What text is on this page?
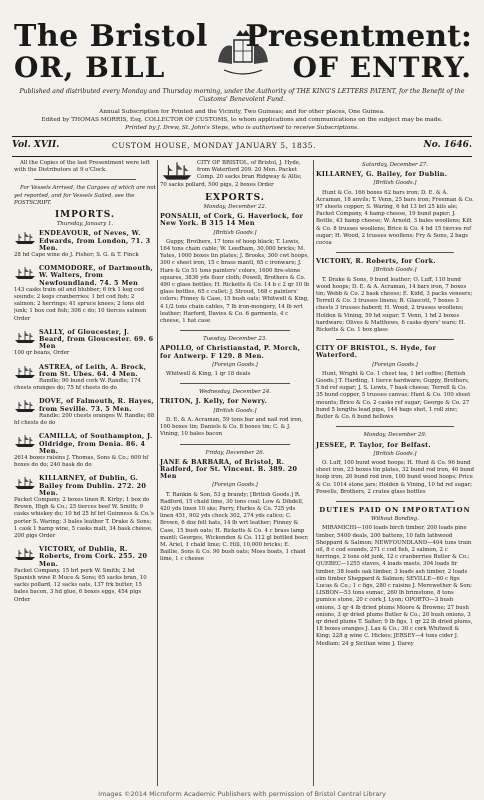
The Bristol
OR, BILL
Presentment:
OF ENTRY.
Published and distributed every Monday and Thursday morning, under the Authority of THE KING'S LETTERS PATENT, for the Benefit of the Customs' Benevolent Fund.
Annual Subscription for Printed and the Vicinity, Two Guineas; and for other places, One Guinea.
Edited by THOMAS MORRIS, Esq. COLLECTOR OF CUSTOMS, to whom applications and communications on the subject may be made.
Printed by J. Drew, St. John's Steps, who is authorised to receive Subscriptions.
Vol. XVII.	CUSTOM HOUSE, MONDAY JANUARY 5, 1835.	No. 1646.

All the Copies of the last Presentment were left with the Distributors at 9 o'Clock.

For Vessels Arrived, the Cargoes of which are not yet reported, and for Vessels Sailed, see the POSTSCRIPT.

IMPORTS.
Thursday, January 1.
ENDEAVOUR, of Neves, W. Edwards, from London, 71. 3 Men.
28 hd Cape wine do J. Fisher; S. G. & T. Finck
COMMODORE, of Dartmouth, W. Walters, from Newfoundland. 74. 5 Men
143 casks train oil and blubber; 6 frk 1 keg cod sounds; 2 kegs cranberries; 1 brl cod fish; 2 salmon; 2 herrings; 41 spruce knees; 2 tons old junk; 1 box cod fish; 306 c do; 10 tierces salmon Order
SALLY, of Gloucester, J. Beard, from Gloucester. 69. 6 Men
100 qr beans, Order
ASTREA, of Leith, A. Brock, from St. Ubes. 64. 4 Men.
Randle; 90 bund cork W. Randle; 174 chests oranges do; 75 hf chests do do
DOVE, of Falmouth, R. Hayes, from Seville. 73. 5 Men.
Randle; 200 chests oranges W. Randle; 68 hf chests do do
CAMILLA, of Southampton, J. Oldridge, from Denia. 86. 4 Men.
2614 boxes raisins J. Thomas, Sons & Co.; 600 hf boxes do do; 240 bask do do
KILLARNEY, of Dublin, G. Bailey from Dublin. 272. 20 Men.
Packet Company. 2 boxes linen R. Kirby; 1 box do Brown, High & Co.; 25 tierces beef W. Smith; 9 casks whiskey do; 10 hd 25 hf brl Guinness & Co.'s porter S. Waring; 3 bales leather T. Drake & Sons; 1 cask 1 hamp wine, 5 casks malt, 34 bask cheese, 200 pigs Order
VICTORY, of Dublin, R. Roberts, from Cork. 255. 20 Men.
Packet Company. 15 brl pork W. Smith; 2 hd Spanish wine P. Muce & Sons; 65 sacks bran, 10 sacks pollard, 12 sacks oats, 137 frk butter, 15 bales bacon, 3 hd glue, 6 boxes eggs, 454 pigs Order
CITY OF BRISTOL, of Bristol, J. Hyde, from Waterford 209. 20 Men. Packet Comp. 20 sacks bran Ridgway & Allis; 70 sacks pollard, 500 pigs, 2 boxes Order
EXPORTS.
Monday, December 22.
PONSALII, of Cork, G. Haverlock, for New York. B 315 14 Men
[British Goods.]

Guppy, Brothers, 17 tons of hoop black; T. Lewis, 164 tons chain cable; W. Leedham, 30,000 bricks; M. Yates, 1000 boxes tin plates; J. Brooks, 300 cwt hoops, 300 c sheet iron, 15 c brass mantl, 65 c ironware; J. Hare & Co 51 tons painters' colors, 1600 fire-stone squares, 3836 yds floor cloth; Powell, Brothers & Co. 490 c glass bottles; H. Ricketts & Co. 14 b c 2 qr 10 lb glass bottles, 65 c cullet; J. Stroud, 168 c painters' colors; Finney & Case, 15 bush oats; Whitwell & King, 4 1/2 tons chain cables, 7 lb iron-mongery, 14 lb wrt leather; Harford, Davies & Co. 6 garments, 4 c cheese, 1 hat case

Tuesday, December 23.
APOLLO, of Christianstad, P. Morch, for Antwerp. F 129. 8 Men.
[Foreign Goods.]

Whitwell & King, 1 qr 18 deals

Wednesday, December 24.
TRITON, J. Kelly, for Newry.
[British Goods.]

D. E. & A. Acraman, 59 tons bar and nail rod iron, 100 boxes tin; Daniels & Co. 8 boxes tin; C. & J. Vining, 10 bales bacon

Friday, December 26.
JANE & BARBARA, of Bristol, R. Radford, for St. Vincent. B. 389. 20 Men
[Foreign Goods.]

T. Rankin & Son, 53 g brandy; [British Goods.] R. Radford, 15 chald lime, 30 tons coal; Low & Dibdell, 420 yds linen 10 sks; Parry, Hurles & Co. 725 yds linen 451, 902 yds check 302, 274 yds calico; C. Brown, 6 doz felt hats, 14 lb wrt leather; Finney & Case, 15 bush oats; H. Ricketts & Co. 4 c brass lamp mantl; Georges, Wickenden & Co. 112 gl bottled beer; M. Ariel, 1 chald lime; C. Hill, 10,000 bricks; E. Baillie, Sons & Co. 90 bush oats; Moss boats, 1 chaid lime, 1 c cheese

Saturday, December 27.
KILLARNEY, G. Bailey, for Dublin.
[British Goods.]

Hunt & Co. 166 boxes 62 bars iron; D. E. & A. Acraman, 18 anvils; T. Venn, 25 bars iron; Freeman & Co. 97 sheets copper; S. Waring, 6 hd 13 brl 25 kils ale; Packet Company, 4 hamp cheese, 19 bund paper; J. Bottle, 43 hamp cheese; W. Arnold, 3 bales woollens; Kilt & Co. 8 trusses woollens; Brice & Co. 4 hd 15 tierces ref sugar; H. Wood, 2 trusses woollens; Fry & Sons, 2 bags cocoa

VICTORY, R. Roberts, for Cork.
[British Goods.]

T. Drake & Sons, 9 bund leather; O. Luff, 110 bund wood hoops; D. E. & A. Acraman, 14 bars iron, 7 boxes tin; Webb & Co. 2 bask cheese; E. Kidd, 3 packs veneers; Terrell & Co. 3 trusses linens; B. Glascott, 7 boxes 3 chests 3 trusses haberd; H. Wood, 2 trusses woollens; Holden & Vining, 59 hd sugar; T. Venn, 1 hd 2 boxes hardware; Olives & Matthews, 6 casks dyers' ware; H. Ricketts & Co. 1 box glass

CITY OF BRISTOL, S. Hyde, for Waterford.
[Foreign Goods.]

Hunt, Wright & Co. 1 chest tea, 1 brl coffee; [British Goods.] T. Harding, 1 tierce hardware; Guppy, Brothers, 5 hd ref sugar; J. S. Lewis, 7 bask cheese; Terrell & Co. 35 bund copper, 5 trusses canvas; Hunt & Co. 100 sheet mounts; Brice & Co. 2 casks ref sugar; George & Co. 27 bund 5 lengths lead pipe, 144 bags shot, 1 roll zinc; Butler & Co. 6 bund bellows

Monday, December 29.
JESSEE, P. Taylor, for Belfast.
[British Goods.]

O. Luff, 100 bund wood hoops; H. Hunt & Co. 96 bund sheet iron, 23 boxes tin plates, 32 bund rod iron, 40 bund hoop iron, 20 bund rod iron, 100 bund wood hoops; Price & Co. 1014 stone jars; Holden & Vining, 10 hd ref sugar; Powells, Brothers, 2 crates glass bottles

DUTIES PAID ON IMPORTATION
Without Bonding.

MIRAMICHI—100 loads birch timber, 200 loads pine timber, 5400 deals, 200 battens, 10 fath lathwood Sheppard & Salmon; NEWFOUNDLAND—404 tuns train oil, 8 c cod sounds, 271 c cod fish, 2 salmon, 2 c herrings, 2 tons old junk, 12 c cranberries Butler & Co.; QUEBEC—1255 staves, 4 loads masts, 304 loads fir timber, 38 loads oak timber, 3 loads ash timber, 2 loads elm timber Sheppard & Salmon; SEVILLE—60 c figs Lucas & Co.; 1 c figs, 280 c raisins J. Merewether & Son; LISBON—53 tons sumac, 260 lb brimstone, 8 tons pumice stone, 20 c cork J. Lyon; OPORTO—3 bush onions, 3 qr 4 lb dried plums Moore & Browne; 27 bush onions, 3 qr dried plums Butler & Co.; 20 bush onions, 3 qr dried plums T. Salter; 9 lb figs, 1 qr 22 lb dried plums, 18 boxes oranges J. Lax & Co.; 30 c cork Whitwell & King; 228 g wine C. Hickes; JERSEY—4 tuns cider J. Medlam; 24 g Sicilian wine J. Darey

Images ©2014 Microform Academic Publishers with permission of Bristol Central Library
